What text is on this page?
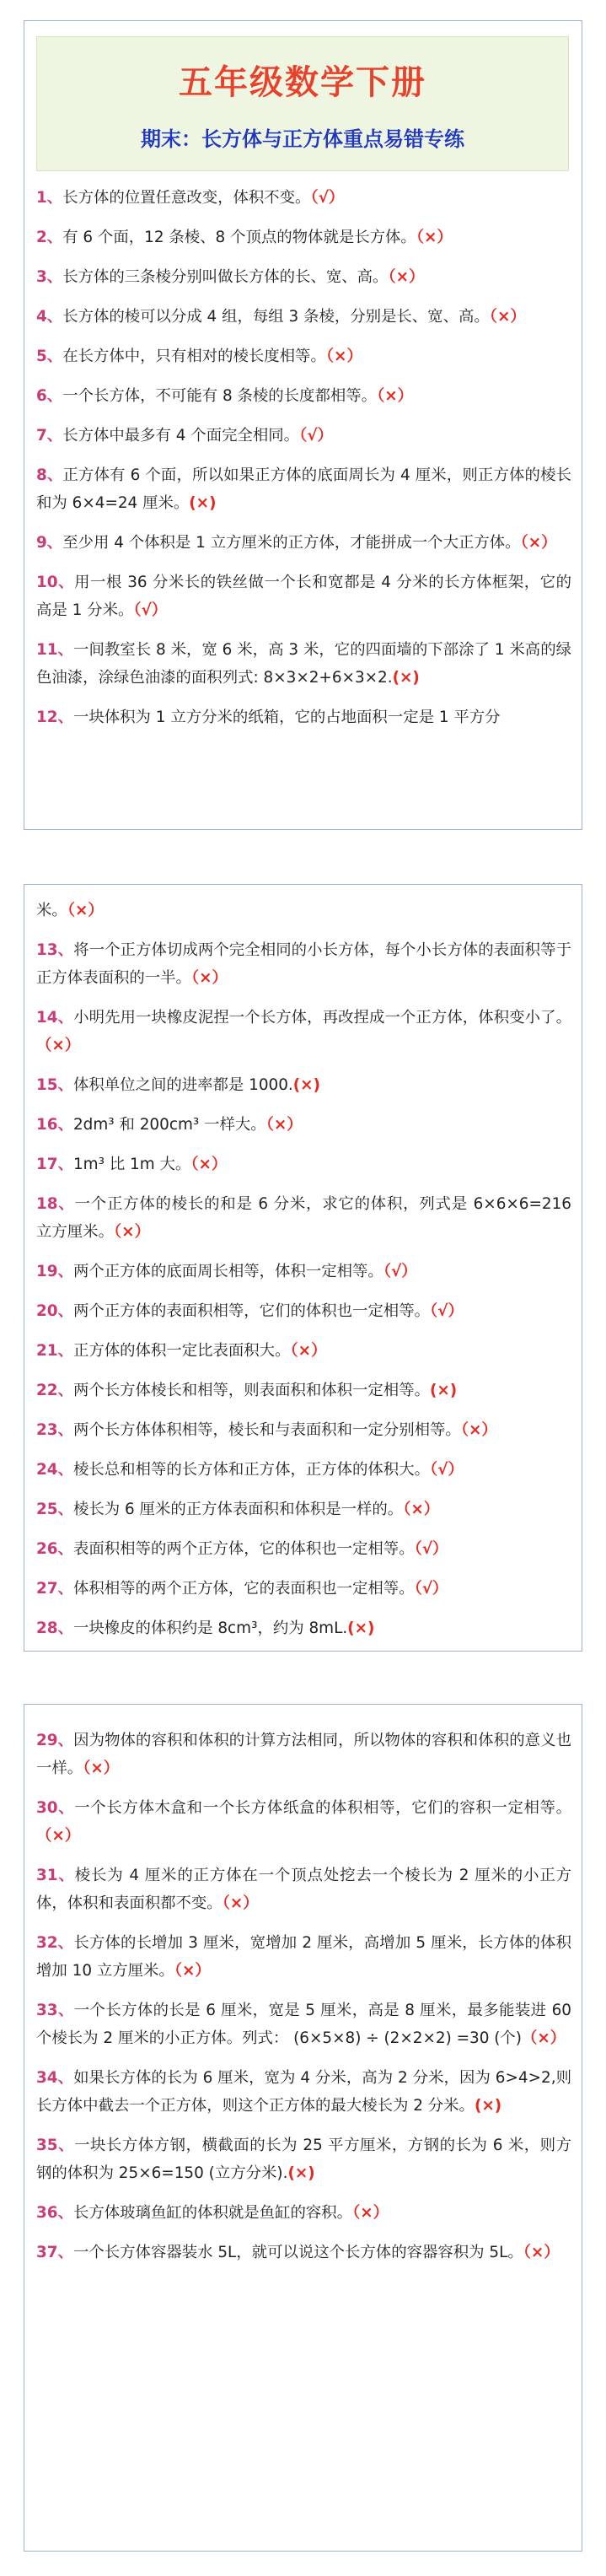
五年级数学下册
期末：长方体与正方体重点易错专练
1、长方体的位置任意改变，体积不变。（√）
2、有 6 个面，12 条棱、8 个顶点的物体就是长方体。（×）
3、长方体的三条棱分别叫做长方体的长、宽、高。（×）
4、长方体的棱可以分成 4 组，每组 3 条棱，分别是长、宽、高。（×）
5、在长方体中，只有相对的棱长度相等。（×）
6、一个长方体，不可能有 8 条棱的长度都相等。（×）
7、长方体中最多有 4 个面完全相同。（√）
8、正方体有 6 个面，所以如果正方体的底面周长为 4 厘米，则正方体的棱长和为 6×4=24 厘米。(×)
9、至少用 4 个体积是 1 立方厘米的正方体，才能拼成一个大正方体。（×）
10、用一根 36 分米长的铁丝做一个长和宽都是 4 分米的长方体框架，它的高是 1 分米。（√）
11、一间教室长 8 米，宽 6 米，高 3 米，它的四面墙的下部涂了 1 米高的绿色油漆，涂绿色油漆的面积列式: 8×3×2+6×3×2.(×)
12、一块体积为 1 立方分米的纸箱，它的占地面积一定是 1 平方分
米。（×）
13、将一个正方体切成两个完全相同的小长方体，每个小长方体的表面积等于正方体表面积的一半。（×）
14、小明先用一块橡皮泥捏一个长方体，再改捏成一个正方体，体积变小了。（×）
15、体积单位之间的进率都是 1000.(×)
16、2dm³ 和 200cm³ 一样大。（×）
17、1m³ 比 1m 大。（×）
18、一个正方体的棱长的和是 6 分米，求它的体积，列式是 6×6×6=216 立方厘米。（×）
19、两个正方体的底面周长相等，体积一定相等。（√）
20、两个正方体的表面积相等，它们的体积也一定相等。（√）
21、正方体的体积一定比表面积大。（×）
22、两个长方体棱长和相等，则表面积和体积一定相等。(×)
23、两个长方体体积相等，棱长和与表面积和一定分别相等。（×）
24、棱长总和相等的长方体和正方体，正方体的体积大。（√）
25、棱长为 6 厘米的正方体表面积和体积是一样的。（×）
26、表面积相等的两个正方体，它的体积也一定相等。（√）
27、体积相等的两个正方体，它的表面积也一定相等。（√）
28、一块橡皮的体积约是 8cm³，约为 8mL.(×)
29、因为物体的容积和体积的计算方法相同，所以物体的容积和体积的意义也一样。（×）
30、一个长方体木盒和一个长方体纸盒的体积相等，它们的容积一定相等。（×）
31、棱长为 4 厘米的正方体在一个顶点处挖去一个棱长为 2 厘米的小正方体，体积和表面积都不变。（×）
32、长方体的长增加 3 厘米，宽增加 2 厘米，高增加 5 厘米，长方体的体积增加 10 立方厘米。（×）
33、一个长方体的长是 6 厘米，宽是 5 厘米，高是 8 厘米，最多能装进 60 个棱长为 2 厘米的小正方体。列式： (6×5×8) ÷ (2×2×2) =30 (个)（×）
34、如果长方体的长为 6 厘米，宽为 4 分米，高为 2 分米，因为 6>4>2,则长方体中截去一个正方体，则这个正方体的最大棱长为 2 分米。(×)
35、一块长方体方钢，横截面的长为 25 平方厘米，方钢的长为 6 米，则方钢的体积为 25×6=150 (立方分米).(×)
36、长方体玻璃鱼缸的体积就是鱼缸的容积。（×）
37、一个长方体容器装水 5L，就可以说这个长方体的容器容积为 5L。（×）
